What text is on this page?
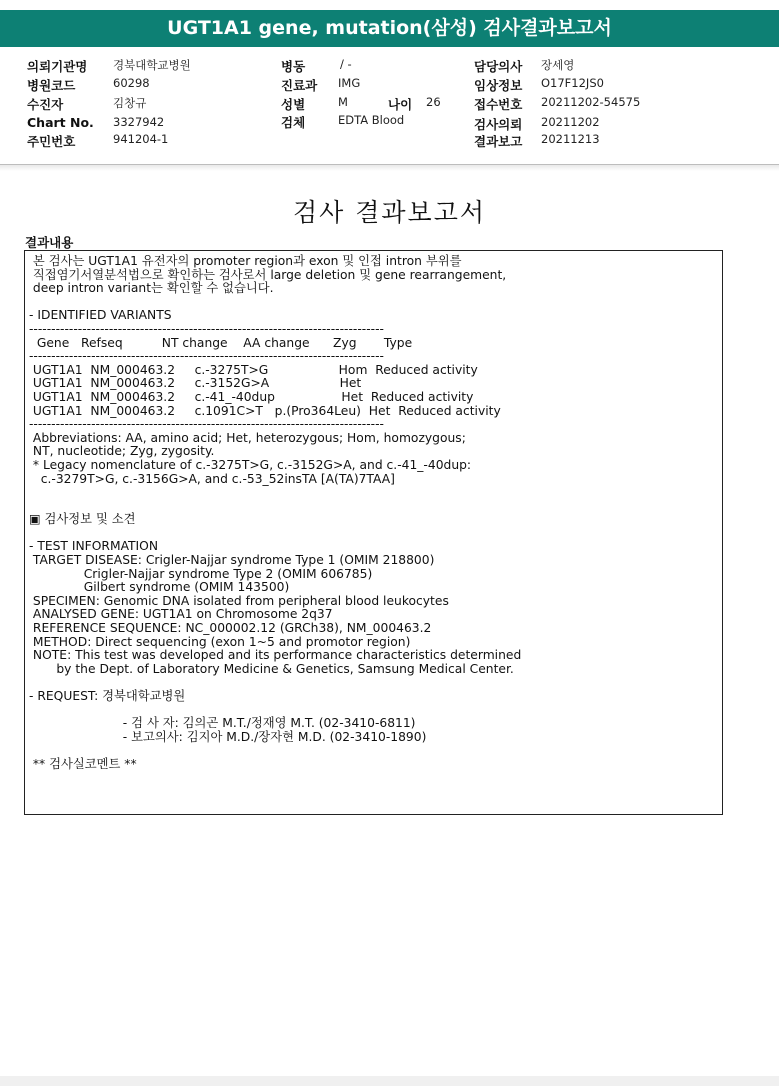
UGT1A1 gene, mutation(삼성) 검사결과보고서
의뢰기관명 경북대학교병원
병원코드	60298
수진자	김창규
Chart No. 3327942
주민번호	941204-1
병동	/ -
진료과 IMG
성별	M	나이 26
검체	EDTA Blood
담당의사 장세영
임상정보 O17F12JS0
접수번호 20211202-54575
검사의뢰 20211202
결과보고 20211213
검사 결과보고서
결과내용
본 검사는 UGT1A1 유전자의 promoter region과 exon 및 인접 intron 부위를
직접염기서열분석법으로 확인하는 검사로서 large deletion 및 gene rearrangement,
deep intron variant는 확인할 수 없습니다.

- IDENTIFIED VARIANTS
--------------------------------------------------------------------------------
Gene   Refseq          NT change    AA change      Zyg       Type
--------------------------------------------------------------------------------
UGT1A1  NM_000463.2     c.-3275T>G                  Hom  Reduced activity
UGT1A1  NM_000463.2     c.-3152G>A                  Het
UGT1A1  NM_000463.2     c.-41_-40dup                 Het  Reduced activity
UGT1A1  NM_000463.2     c.1091C>T   p.(Pro364Leu)  Het  Reduced activity
--------------------------------------------------------------------------------
Abbreviations: AA, amino acid; Het, heterozygous; Hom, homozygous;
NT, nucleotide; Zyg, zygosity.
* Legacy nomenclature of c.-3275T>G, c.-3152G>A, and c.-41_-40dup:
c.-3279T>G, c.-3156G>A, and c.-53_52insTA [A(TA)7TAA]

▣ 검사정보 및 소견

- TEST INFORMATION
TARGET DISEASE: Crigler-Najjar syndrome Type 1 (OMIM 218800)
Crigler-Najjar syndrome Type 2 (OMIM 606785)
Gilbert syndrome (OMIM 143500)
SPECIMEN: Genomic DNA isolated from peripheral blood leukocytes
ANALYSED GENE: UGT1A1 on Chromosome 2q37
REFERENCE SEQUENCE: NC_000002.12 (GRCh38), NM_000463.2
METHOD: Direct sequencing (exon 1~5 and promotor region)
NOTE: This test was developed and its performance characteristics determined
by the Dept. of Laboratory Medicine & Genetics, Samsung Medical Center.

- REQUEST: 경북대학교병원

- 검 사 자: 김의곤 M.T./정재영 M.T. (02-3410-6811)
- 보고의사: 김지아 M.D./장자현 M.D. (02-3410-1890)

** 검사실코멘트 **
